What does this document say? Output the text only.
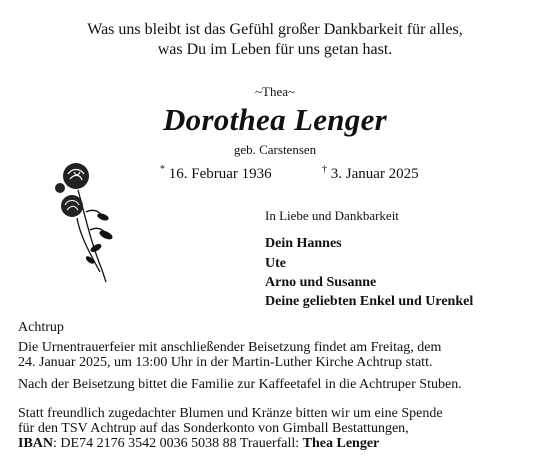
Was uns bleibt ist das Gefühl großer Dankbarkeit für alles,
was Du im Leben für uns getan hast.
~Thea~
Dorothea Lenger
geb. Carstensen
* 16. Februar 1936	† 3. Januar 2025
In Liebe und Dankbarkeit
Dein Hannes
Ute
Arno und Susanne
Deine geliebten Enkel und Urenkel
Achtrup
Die Urnentrauerfeier mit anschließender Beisetzung findet am Freitag, dem
24. Januar 2025, um 13:00 Uhr in der Martin-Luther Kirche Achtrup statt.
Nach der Beisetzung bittet die Familie zur Kaffeetafel in die Achtruper Stuben.
Statt freundlich zugedachter Blumen und Kränze bitten wir um eine Spende
für den TSV Achtrup auf das Sonderkonto von Gimball Bestattungen,
IBAN: DE74 2176 3542 0036 5038 88 Trauerfall: Thea Lenger
